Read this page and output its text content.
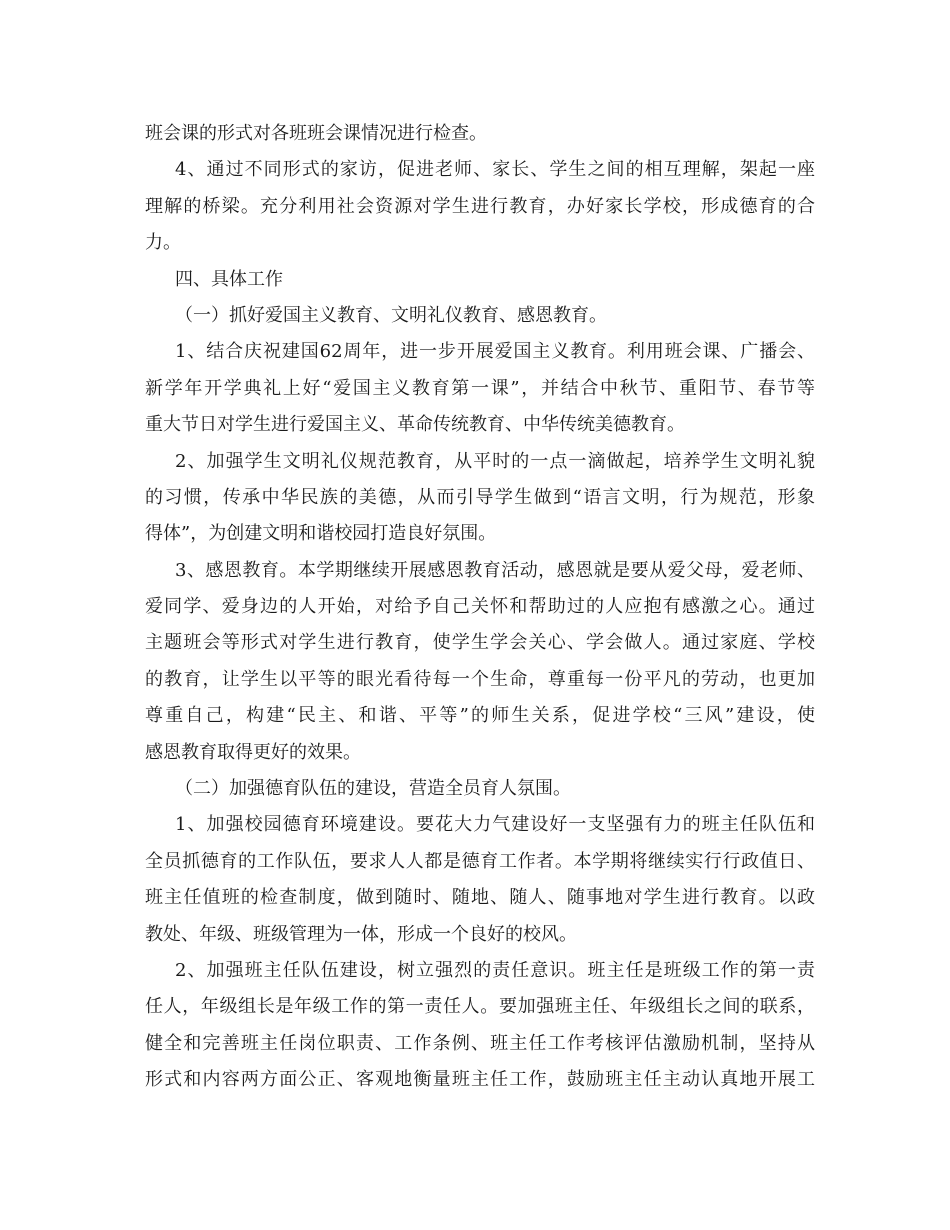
班会课的形式对各班班会课情况进行检查。
4、通过不同形式的家访，促进老师、家长、学生之间的相互理解，架起一座
理解的桥梁。充分利用社会资源对学生进行教育，办好家长学校，形成德育的合
力。
四、具体工作
（一）抓好爱国主义教育、文明礼仪教育、感恩教育。
1、结合庆祝建国62周年，进一步开展爱国主义教育。利用班会课、广播会、
新学年开学典礼上好“爱国主义教育第一课”，并结合中秋节、重阳节、春节等
重大节日对学生进行爱国主义、革命传统教育、中华传统美德教育。
2、加强学生文明礼仪规范教育，从平时的一点一滴做起，培养学生文明礼貌
的习惯，传承中华民族的美德，从而引导学生做到“语言文明，行为规范，形象
得体”，为创建文明和谐校园打造良好氛围。
3、感恩教育。本学期继续开展感恩教育活动，感恩就是要从爱父母，爱老师、
爱同学、爱身边的人开始，对给予自己关怀和帮助过的人应抱有感激之心。通过
主题班会等形式对学生进行教育，使学生学会关心、学会做人。通过家庭、学校
的教育，让学生以平等的眼光看待每一个生命，尊重每一份平凡的劳动，也更加
尊重自己，构建“民主、和谐、平等”的师生关系，促进学校“三风”建设，使
感恩教育取得更好的效果。
（二）加强德育队伍的建设，营造全员育人氛围。
1、加强校园德育环境建设。要花大力气建设好一支坚强有力的班主任队伍和
全员抓德育的工作队伍，要求人人都是德育工作者。本学期将继续实行行政值日、
班主任值班的检查制度，做到随时、随地、随人、随事地对学生进行教育。以政
教处、年级、班级管理为一体，形成一个良好的校风。
2、加强班主任队伍建设，树立强烈的责任意识。班主任是班级工作的第一责
任人，年级组长是年级工作的第一责任人。要加强班主任、年级组长之间的联系，
健全和完善班主任岗位职责、工作条例、班主任工作考核评估激励机制，坚持从
形式和内容两方面公正、客观地衡量班主任工作，鼓励班主任主动认真地开展工
